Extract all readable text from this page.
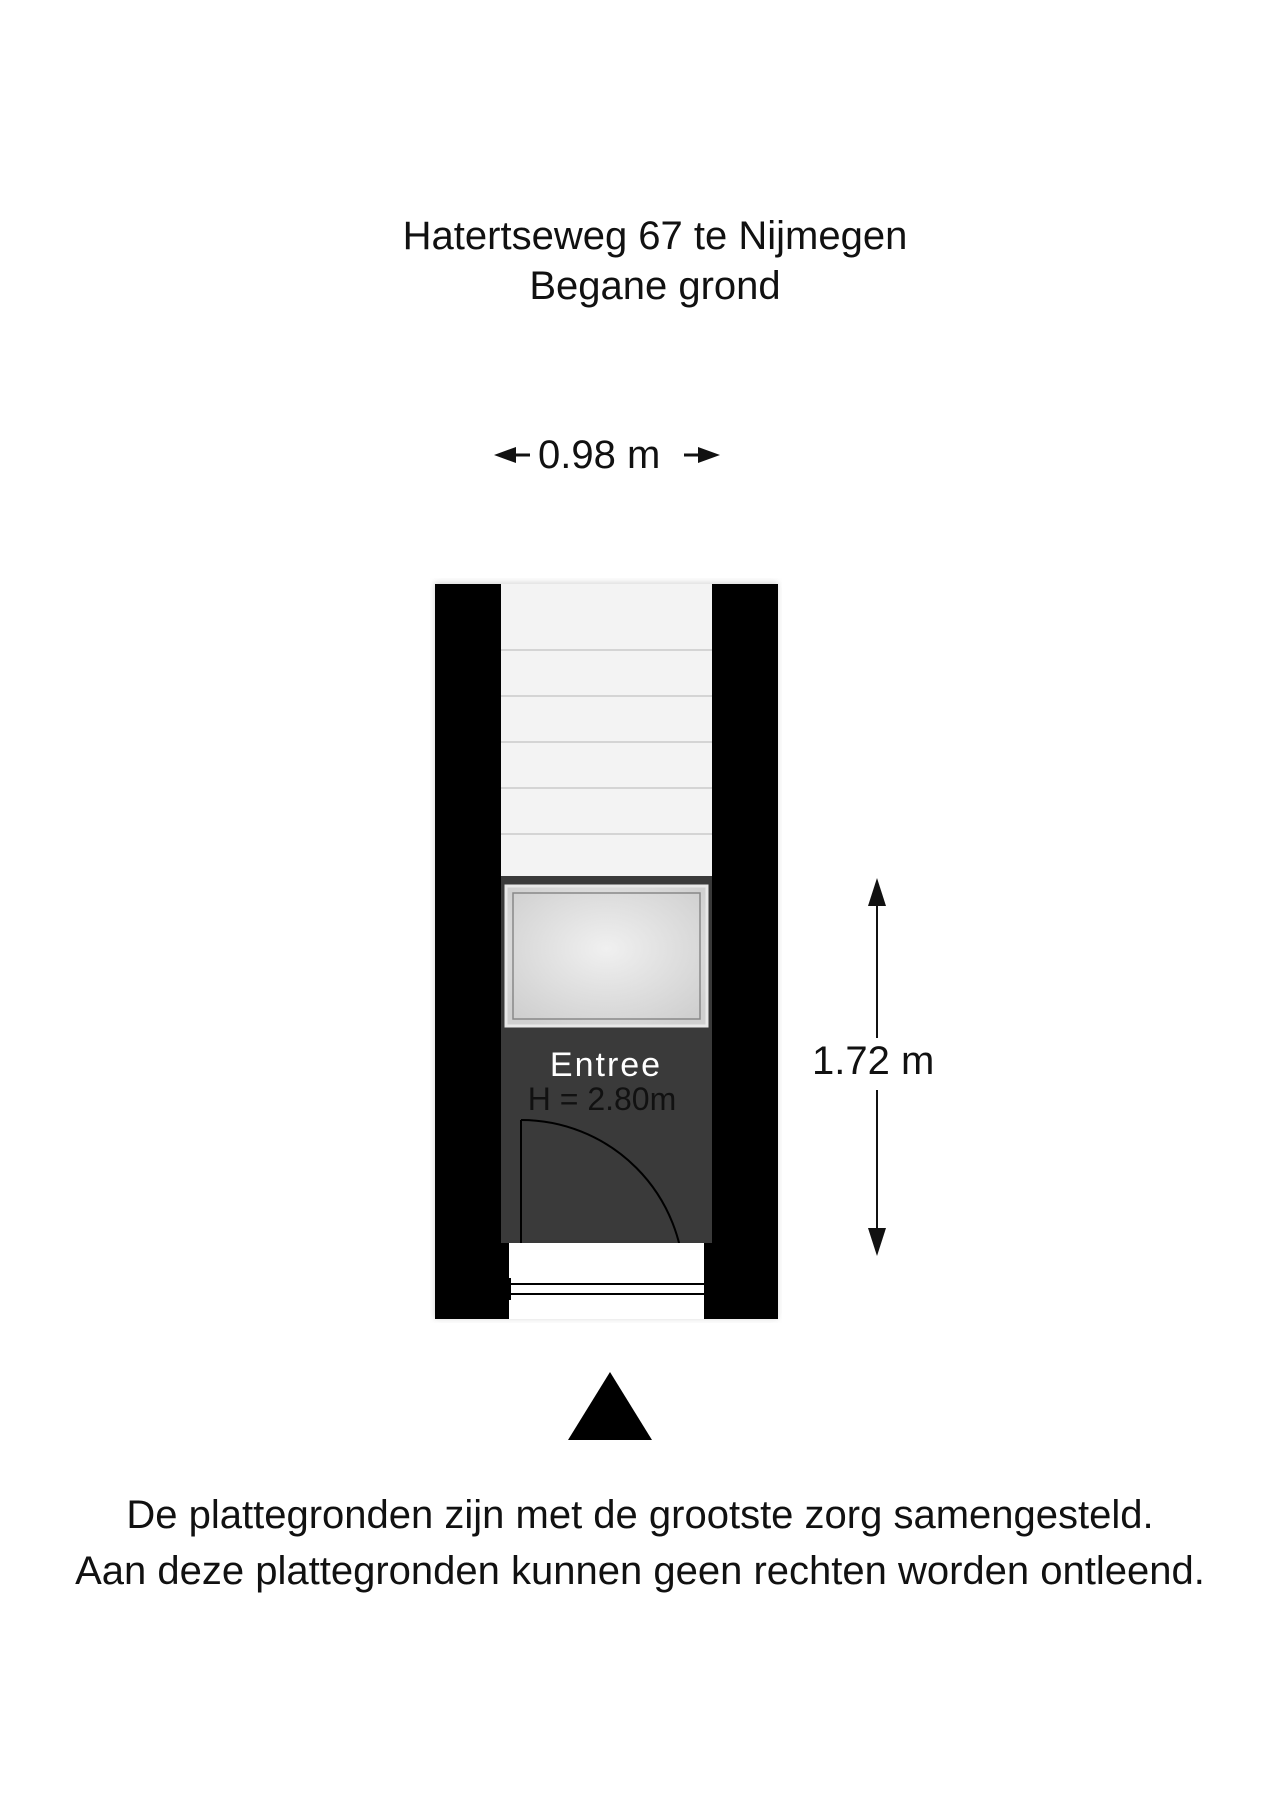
Hatertseweg 67 te Nijmegen
Begane grond
0.98 m
Entree
H = 2.80m
1.72 m
De plattegronden zijn met de grootste zorg samengesteld.
Aan deze plattegronden kunnen geen rechten worden ontleend.
